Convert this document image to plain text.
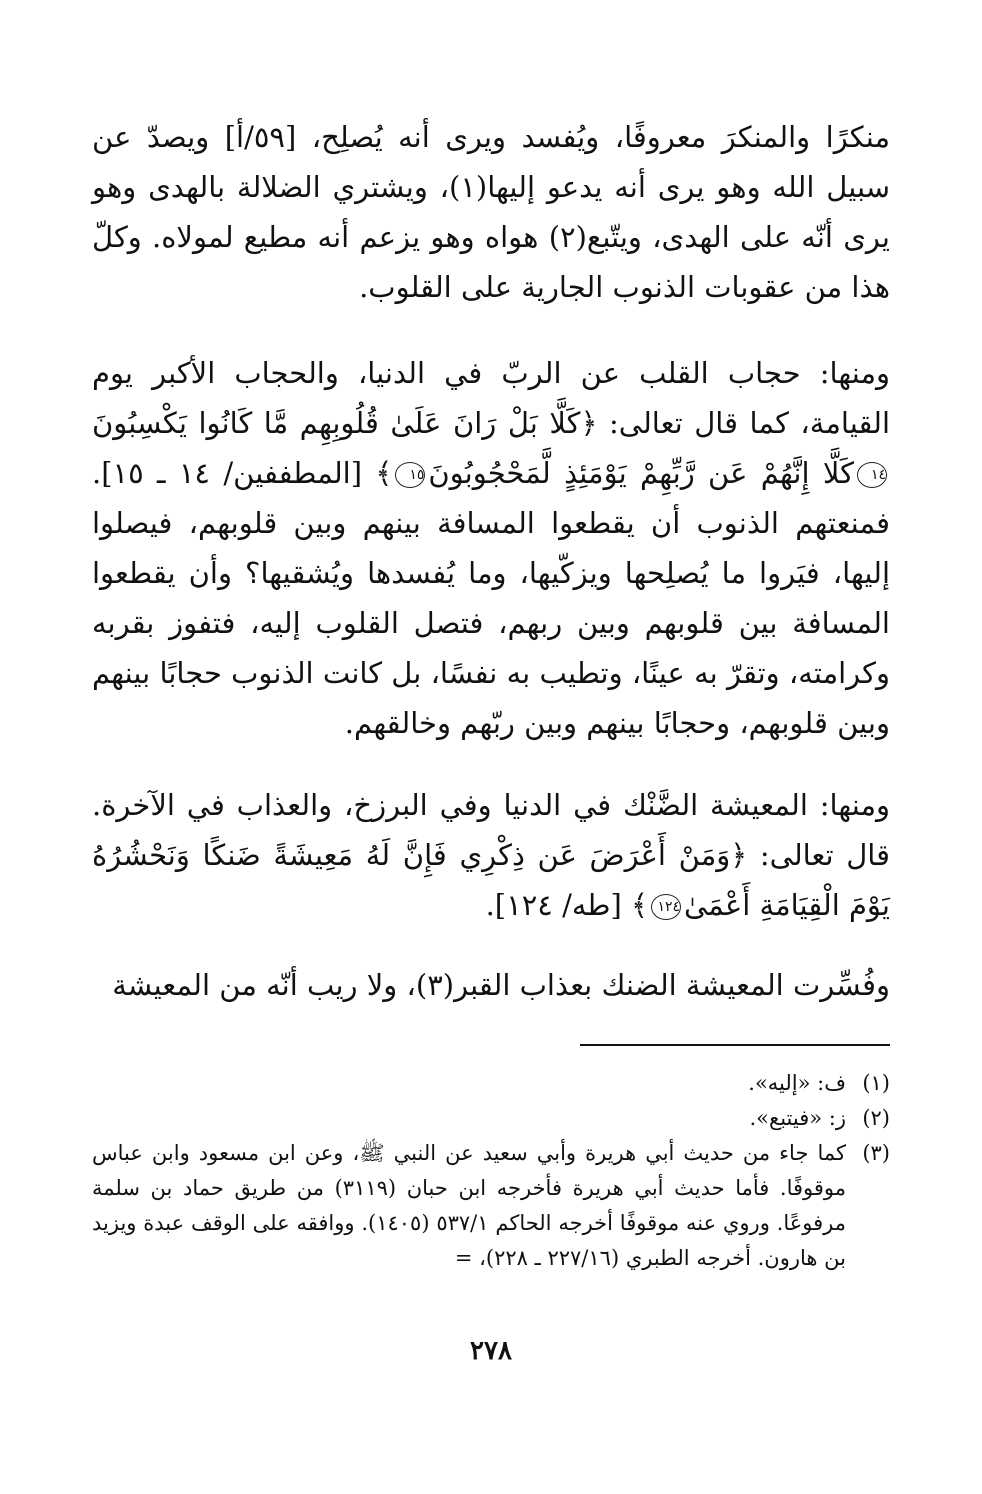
منكرًا والمنكرَ معروفًا، ويُفسد ويرى أنه يُصلِح، [٥٩/أ] ويصدّ عن سبيل الله وهو يرى أنه يدعو إليها(١)، ويشتري الضلالة بالهدى وهو يرى أنّه على الهدى، ويتّبع(٢) هواه وهو يزعم أنه مطيع لمولاه. وكلّ هذا من عقوبات الذنوب الجارية على القلوب.

ومنها: حجاب القلب عن الربّ في الدنيا، والحجاب الأكبر يوم القيامة، كما قال تعالى: ﴿كَلَّا بَلْ رَانَ عَلَىٰ قُلُوبِهِم مَّا كَانُوا يَكْسِبُونَ١٤كَلَّا إِنَّهُمْ عَن رَّبِّهِمْ يَوْمَئِذٍ لَّمَحْجُوبُونَ١٥﴾ [المطففين/ ١٤ ـ ١٥]. فمنعتهم الذنوب أن يقطعوا المسافة بينهم وبين قلوبهم، فيصلوا إليها، فيَروا ما يُصلِحها ويزكّيها، وما يُفسدها ويُشقيها؟ وأن يقطعوا المسافة بين قلوبهم وبين ربهم، فتصل القلوب إليه، فتفوز بقربه وكرامته، وتقرّ به عينًا، وتطيب به نفسًا، بل كانت الذنوب حجابًا بينهم وبين قلوبهم، وحجابًا بينهم وبين ربّهم وخالقهم.

ومنها: المعيشة الضَّنْك في الدنيا وفي البرزخ، والعذاب في الآخرة. قال تعالى: ﴿وَمَنْ أَعْرَضَ عَن ذِكْرِي فَإِنَّ لَهُ مَعِيشَةً ضَنكًا وَنَحْشُرُهُ يَوْمَ الْقِيَامَةِ أَعْمَىٰ١٢٤﴾ [طه/ ١٢٤].

وفُسِّرت المعيشة الضنك بعذاب القبر(٣)، ولا ريب أنّه من المعيشة

(١)
ف: «إليه».
(٢)
ز: «فيتبع».
(٣)
كما جاء من حديث أبي هريرة وأبي سعيد عن النبي ﷺ، وعن ابن مسعود وابن عباس موقوفًا. فأما حديث أبي هريرة فأخرجه ابن حبان (٣١١٩) من طريق حماد بن سلمة مرفوعًا. وروي عنه موقوفًا أخرجه الحاكم ٥٣٧/١ (١٤٠٥). ووافقه على الوقف عبدة ويزيد بن هارون. أخرجه الطبري (٢٢٧/١٦ ـ ٢٢٨)، =
٢٧٨
